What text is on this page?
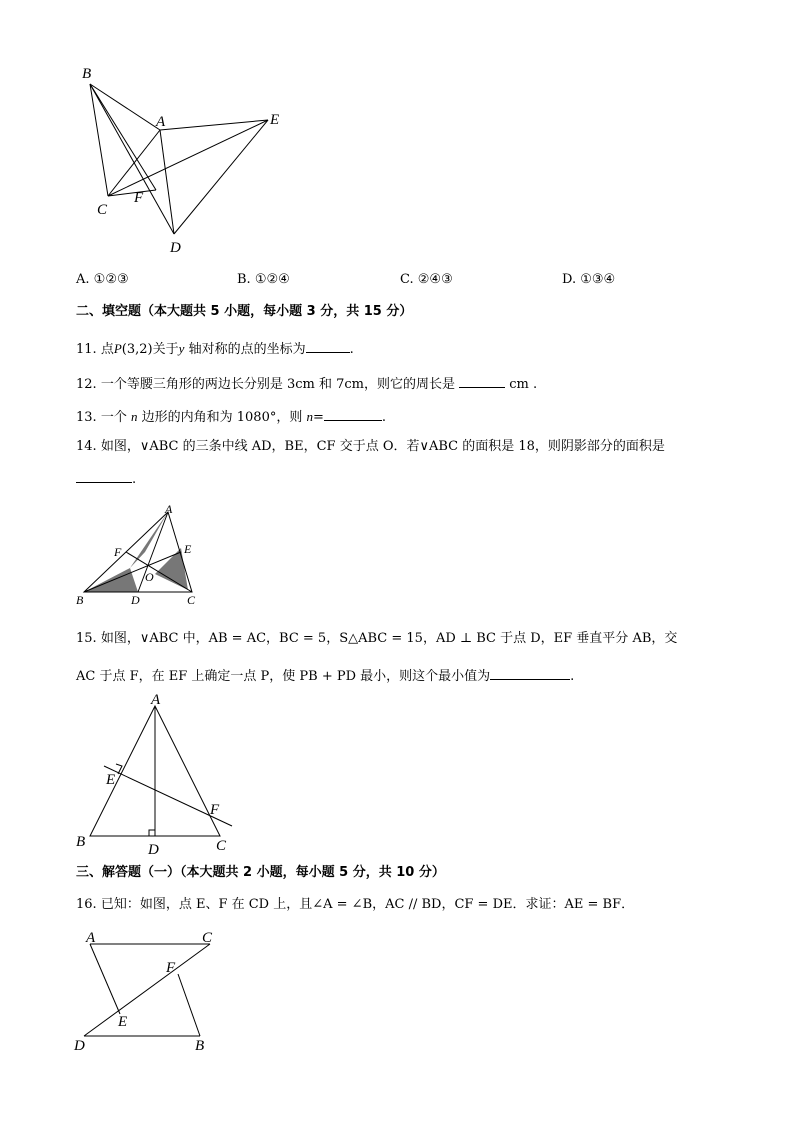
B
A	E
C
F
D
A. ①②③	B. ①②④	C. ②④③	D. ①③④
二、填空题（本大题共 5 小题，每小题 3 分，共 15 分）
11. 点P(3,2)关于y 轴对称的点的坐标为	.
12. 一个等腰三角形的两边长分别是 3cm 和 7cm，则它的周长是	cm .
13. 一个 n 边形的内角和为 1080°，则 n=	.
14. 如图，∨ABC 的三条中线 AD，BE，CF 交于点 O．若∨ABC 的面积是 18，则阴影部分的面积是
.
A
F	E
O
B	D	C
15. 如图，∨ABC 中，AB = AC，BC = 5，S△ABC = 15，AD ⊥ BC 于点 D，EF 垂直平分 AB，交
AC 于点 F，在 EF 上确定一点 P，使 PB + PD 最小，则这个最小值为	.
A
E
F
B	D	C
三、解答题（一）（本大题共 2 小题，每小题 5 分，共 10 分）
16. 已知：如图，点 E、F 在 CD 上，且∠A = ∠B，AC // BD，CF = DE．求证：AE = BF．
A	C
F
E
D	B
